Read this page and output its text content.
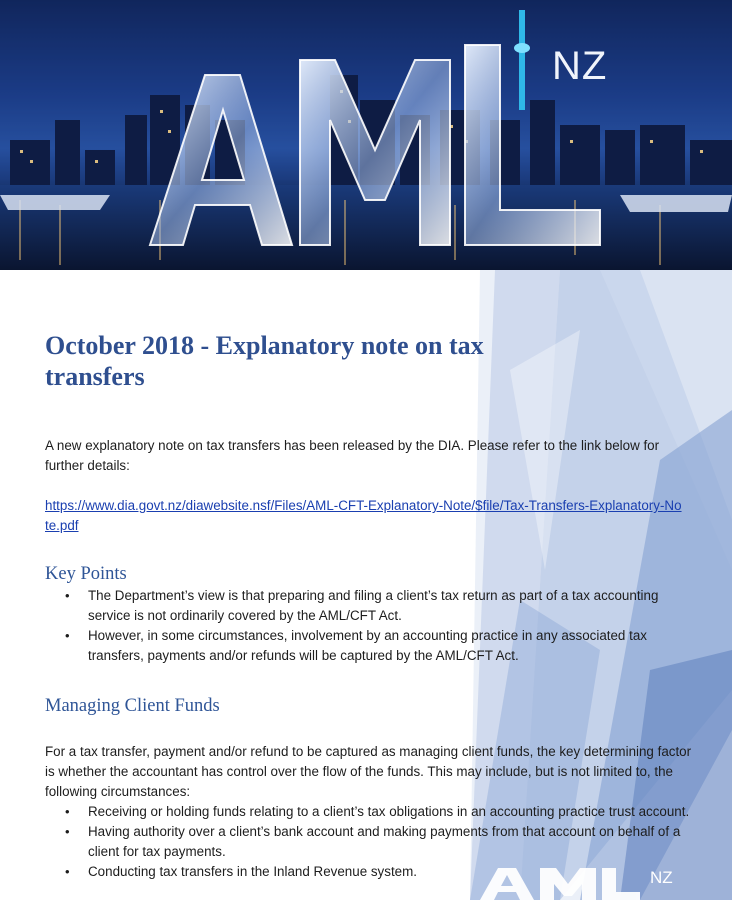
NZ
October 2018 - Explanatory note on tax transfers

A new explanatory note on tax transfers has been released by the DIA. Please refer to the link below for further details:

https://www.dia.govt.nz/diawebsite.nsf/Files/AML-CFT-Explanatory-Note/$file/Tax-Transfers-Explanatory-Note.pdf
Key Points
• The Department’s view is that preparing and filing a client’s tax return as part of a tax accounting service is not ordinarily covered by the AML/CFT Act.
• However, in some circumstances, involvement by an accounting practice in any associated tax transfers, payments and/or refunds will be captured by the AML/CFT Act.
Managing Client Funds

For a tax transfer, payment and/or refund to be captured as managing client funds, the key determining factor is whether the accountant has control over the flow of the funds. This may include, but is not limited to, the following circumstances:

• Receiving or holding funds relating to a client’s tax obligations in an accounting practice trust account.
• Having authority over a client’s bank account and making payments from that account on behalf of a client for tax payments.
• Conducting tax transfers in the Inland Revenue system.	NZ
